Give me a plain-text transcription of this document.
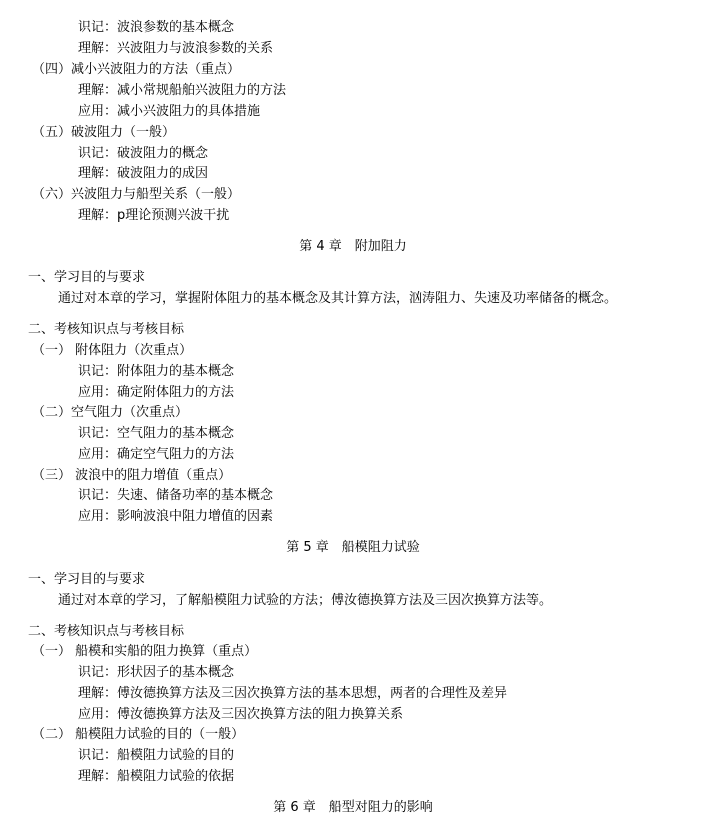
识记：波浪参数的基本概念
理解：兴波阻力与波浪参数的关系
（四）减小兴波阻力的方法（重点）
理解：减小常规船舶兴波阻力的方法
应用：减小兴波阻力的具体措施
（五）破波阻力（一般）
识记：破波阻力的概念
理解：破波阻力的成因
（六）兴波阻力与船型关系（一般）
理解：p理论预测兴波干扰
第 4 章　附加阻力
一、学习目的与要求
通过对本章的学习，掌握附体阻力的基本概念及其计算方法，汹涛阻力、失速及功率储备的概念。
二、考核知识点与考核目标
（一） 附体阻力（次重点）
识记：附体阻力的基本概念
应用：确定附体阻力的方法
（二）空气阻力（次重点）
识记：空气阻力的基本概念
应用：确定空气阻力的方法
（三） 波浪中的阻力增值（重点）
识记：失速、储备功率的基本概念
应用：影响波浪中阻力增值的因素
第 5 章　船模阻力试验
一、学习目的与要求
通过对本章的学习，了解船模阻力试验的方法；傅汝德换算方法及三因次换算方法等。
二、考核知识点与考核目标
（一） 船模和实船的阻力换算（重点）
识记：形状因子的基本概念
理解：傅汝德换算方法及三因次换算方法的基本思想，两者的合理性及差异
应用：傅汝德换算方法及三因次换算方法的阻力换算关系
（二） 船模阻力试验的目的（一般）
识记：船模阻力试验的目的
理解：船模阻力试验的依据
第 6 章　船型对阻力的影响
